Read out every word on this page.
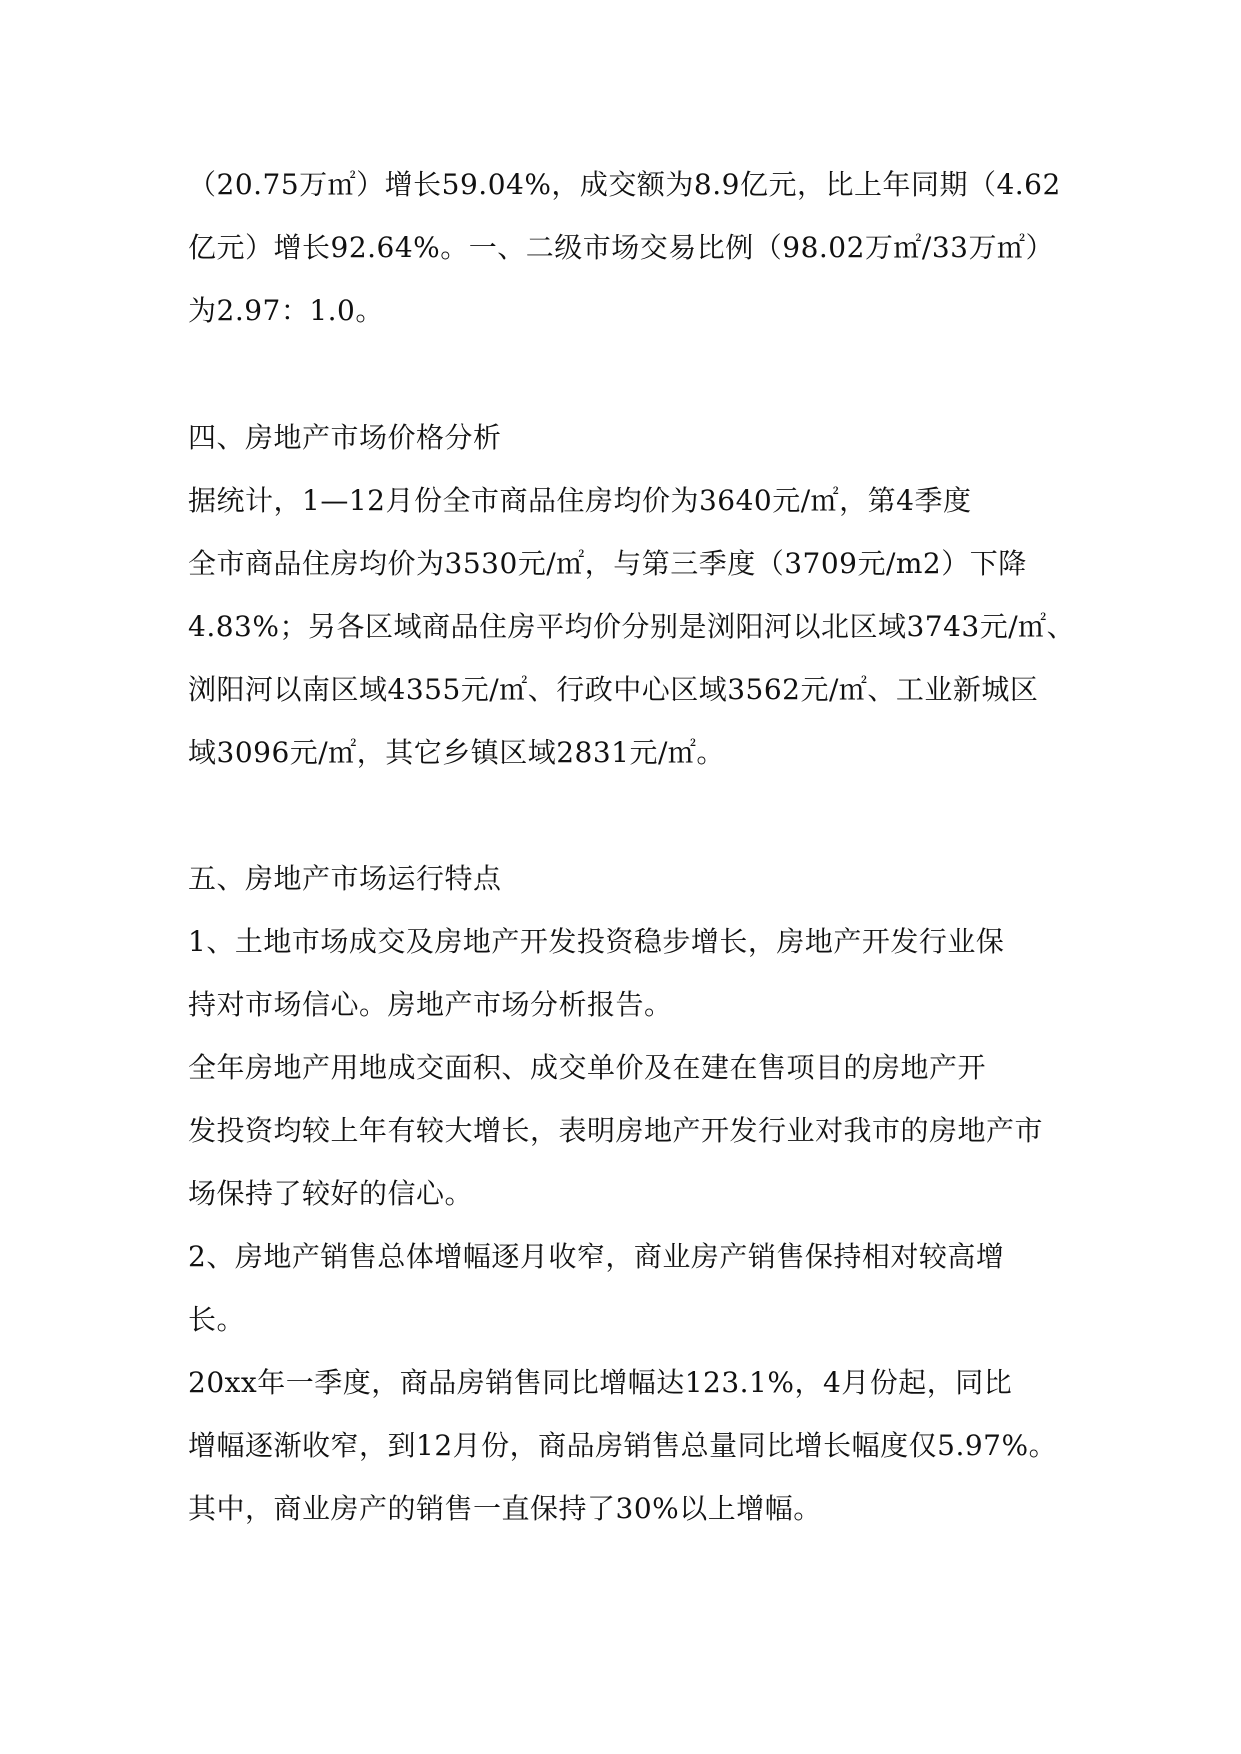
（20.75万㎡）增长59.04%，成交额为8.9亿元，比上年同期（4.62
亿元）增长92.64%。一、二级市场交易比例（98.02万㎡/33万㎡）
为2.97：1.0。
四、房地产市场价格分析
据统计，1—12月份全市商品住房均价为3640元/㎡，第4季度
全市商品住房均价为3530元/㎡，与第三季度（3709元/m2）下降
4.83%；另各区域商品住房平均价分别是浏阳河以北区域3743元/㎡、
浏阳河以南区域4355元/㎡、行政中心区域3562元/㎡、工业新城区
域3096元/㎡，其它乡镇区域2831元/㎡。
五、房地产市场运行特点
1、土地市场成交及房地产开发投资稳步增长，房地产开发行业保
持对市场信心。房地产市场分析报告。
全年房地产用地成交面积、成交单价及在建在售项目的房地产开
发投资均较上年有较大增长，表明房地产开发行业对我市的房地产市
场保持了较好的信心。
2、房地产销售总体增幅逐月收窄，商业房产销售保持相对较高增
长。
20xx年一季度，商品房销售同比增幅达123.1%，4月份起，同比
增幅逐渐收窄，到12月份，商品房销售总量同比增长幅度仅5.97%。
其中，商业房产的销售一直保持了30%以上增幅。
